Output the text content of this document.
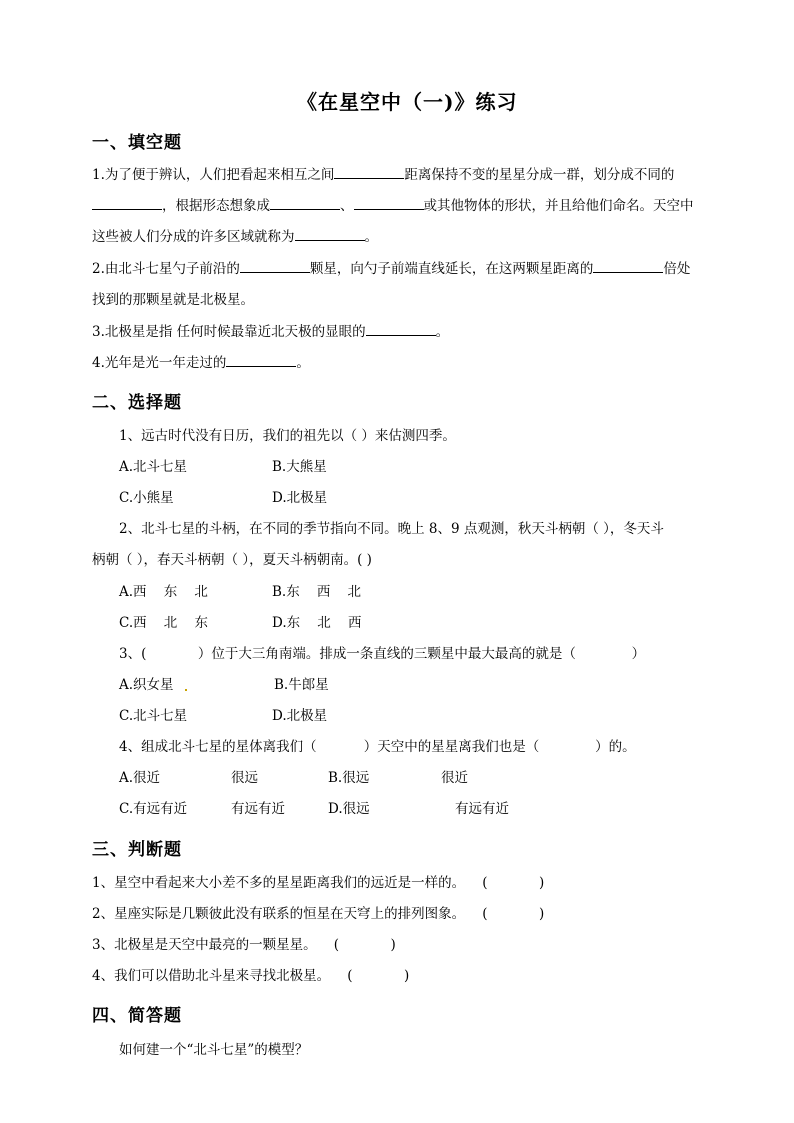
《在星空中（一)》练习
一、填空题
1.为了便于辨认，人们把看起来相互之间	距离保持不变的星星分成一群，划分成不同的
，根据形态想象成	、	或其他物体的形状，并且给他们命名。天空中
这些被人们分成的许多区域就称为	。
2.由北斗七星勺子前沿的	颗星，向勺子前端直线延长，在这两颗星距离的	倍处
找到的那颗星就是北极星。
3.北极星是指 任何时候最靠近北天极的显眼的	。
4.光年是光一年走过的	。
二、选择题
1、远古时代没有日历，我们的祖先以（ ）来估测四季。
A.北斗七星	B.大熊星
C.小熊星	D.北极星
2、北斗七星的斗柄，在不同的季节指向不同。晚上 8、9 点观测，秋天斗柄朝（ ），冬天斗
柄朝（ ），春天斗柄朝（ ），夏天斗柄朝南。( )
A.西    东    北	B.东    西    北
C.西    北    东	D.东    北    西
3、(            ）位于大三角南端。排成一条直线的三颗星中最大最高的就是（             ）
A.织女星	B.牛郎星
C.北斗七星	D.北极星
4、组成北斗七星的星体离我们（           ）天空中的星星离我们也是（             ）的。
A.很近	很远	B.很远	很近
C.有远有近	有远有近	D.很远	有远有近
三、判断题
1、星空中看起来大小差不多的星星距离我们的远近是一样的。    (            )
2、星座实际是几颗彼此没有联系的恒星在天穹上的排列图象。    (            )
3、北极星是天空中最亮的一颗星星。    (            )
4、我们可以借助北斗星来寻找北极星。    (            )
四、简答题
如何建一个“北斗七星”的模型？
